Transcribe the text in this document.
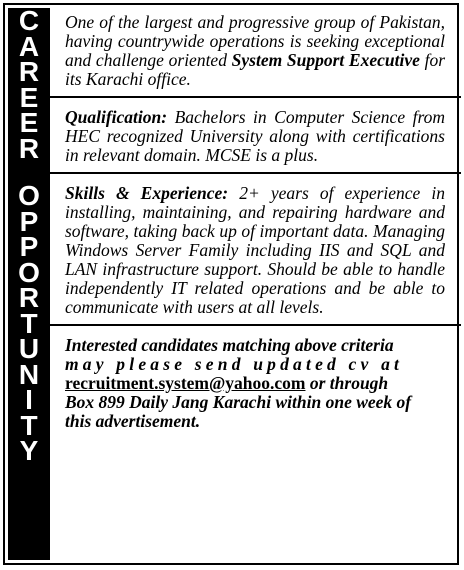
C
A
R
E
E
R
O
P
P
O
R
T
U
N
I
T
Y

One of the largest and progressive group of Pakistan, having countrywide operations is seeking exceptional and challenge oriented System Support Executive for its Karachi office.

Qualification: Bachelors in Computer Science from HEC recognized University along with certifications in relevant domain. MCSE is a plus.

Skills & Experience: 2+ years of experience in installing, maintaining, and repairing hardware and software, taking back up of important data. Managing Windows Server Family including IIS and SQL and LAN infrastructure support. Should be able to handle independently IT related operations and be able to communicate with users at all levels.

Interested candidates matching above criteria
may please send updated cv at
recruitment.system@yahoo.com or through
Box 899 Daily Jang Karachi within one week of
this advertisement.
